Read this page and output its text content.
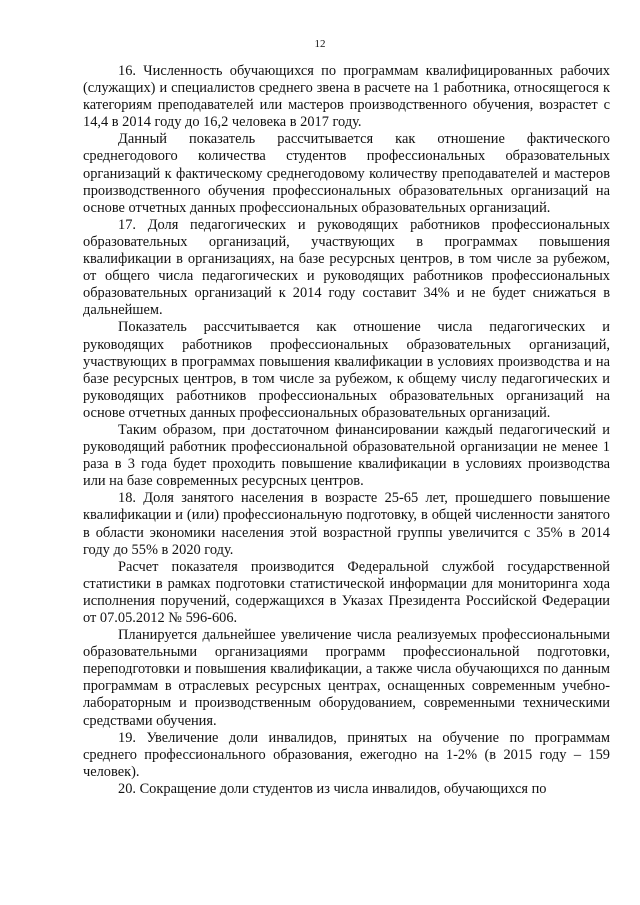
12

16. Численность обучающихся по программам квалифицированных рабочих (служащих) и специалистов среднего звена в расчете на 1 работника, относящегося к категориям преподавателей или мастеров производственного обучения, возрастет с 14,4 в 2014 году до 16,2 человека в 2017 году.

Данный показатель рассчитывается как отношение фактического среднегодового количества студентов профессиональных образовательных организаций к фактическому среднегодовому количеству преподавателей и мастеров производственного обучения профессиональных образовательных организаций на основе отчетных данных профессиональных образовательных организаций.

17. Доля педагогических и руководящих работников профессиональных образовательных организаций, участвующих в программах повышения квалификации в организациях, на базе ресурсных центров, в том числе за рубежом, от общего числа педагогических и руководящих работников профессиональных образовательных организаций к 2014 году составит 34% и не будет снижаться в дальнейшем.

Показатель рассчитывается как отношение числа педагогических и руководящих работников профессиональных образовательных организаций, участвующих в программах повышения квалификации в условиях производства и на базе ресурсных центров, в том числе за рубежом, к общему числу педагогических и руководящих работников профессиональных образовательных организаций на основе отчетных данных профессиональных образовательных организаций.

Таким образом, при достаточном финансировании каждый педагогический и руководящий работник профессиональной образовательной организации не менее 1 раза в 3 года будет проходить повышение квалификации в условиях производства или на базе современных ресурсных центров.

18. Доля занятого населения в возрасте 25-65 лет, прошедшего повышение квалификации и (или) профессиональную подготовку, в общей численности занятого в области экономики населения этой возрастной группы увеличится с 35% в 2014 году до 55% в 2020 году.

Расчет показателя производится Федеральной службой государственной статистики в рамках подготовки статистической информации для мониторинга хода исполнения поручений, содержащихся в Указах Президента Российской Федерации от 07.05.2012 № 596-606.

Планируется дальнейшее увеличение числа реализуемых профессиональными образовательными организациями программ профессиональной подготовки, переподготовки и повышения квалификации, а также числа обучающихся по данным программам в отраслевых ресурсных центрах, оснащенных современным учебно-лабораторным и производственным оборудованием, современными техническими средствами обучения.

19. Увеличение доли инвалидов, принятых на обучение по программам среднего профессионального образования, ежегодно на 1-2% (в 2015 году – 159 человек).

20. Сокращение доли студентов из числа инвалидов, обучающихся по
